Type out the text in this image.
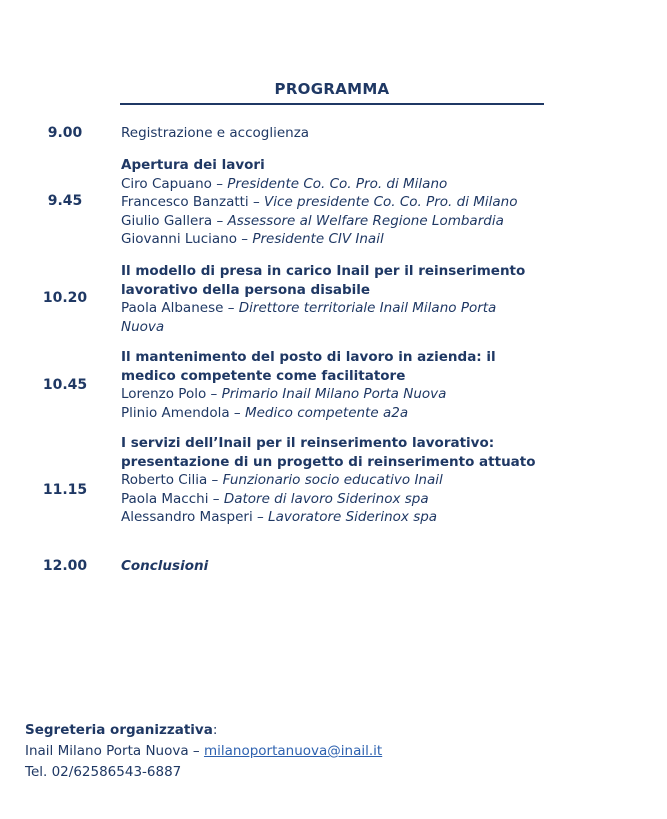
PROGRAMMA
9.00	Registrazione e accoglienza
9.45
Apertura dei lavori
Ciro Capuano – Presidente Co. Co. Pro. di Milano
Francesco Banzatti – Vice presidente Co. Co. Pro. di Milano
Giulio Gallera – Assessore al Welfare Regione Lombardia
Giovanni Luciano – Presidente CIV Inail
10.20
Il modello di presa in carico Inail per il reinserimento
lavorativo della persona disabile
Paola Albanese – Direttore territoriale Inail Milano Porta
Nuova
10.45
Il mantenimento del posto di lavoro in azienda: il
medico competente come facilitatore
Lorenzo Polo – Primario Inail Milano Porta Nuova
Plinio Amendola – Medico competente a2a
11.15
I servizi dell’Inail per il reinserimento lavorativo:
presentazione di un progetto di reinserimento attuato
Roberto Cilia – Funzionario socio educativo Inail
Paola Macchi – Datore di lavoro Siderinox spa
Alessandro Masperi – Lavoratore Siderinox spa
12.00	Conclusioni
Segreteria organizzativa:
Inail Milano Porta Nuova – milanoportanuova@inail.it
Tel. 02/62586543-6887
